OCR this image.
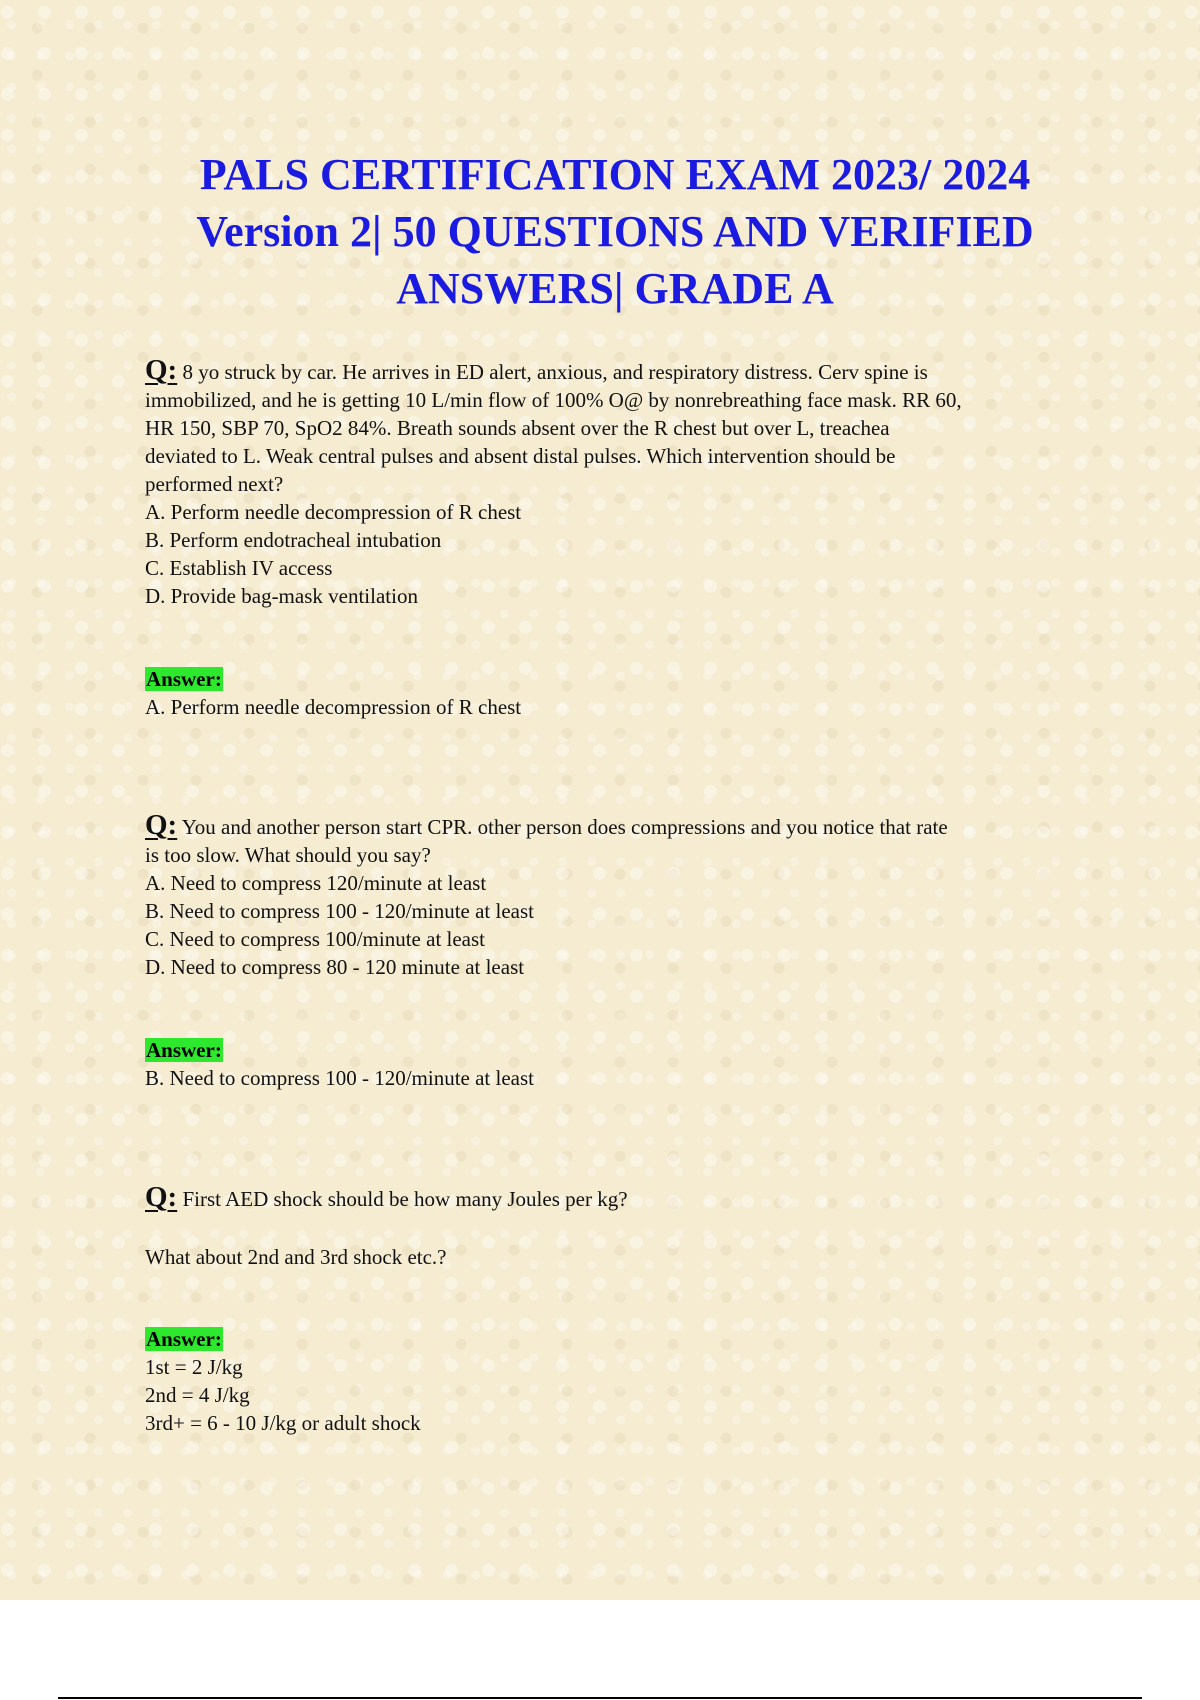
PALS CERTIFICATION EXAM 2023/ 2024
Version 2| 50 QUESTIONS AND VERIFIED
ANSWERS| GRADE A
Q: 8 yo struck by car. He arrives in ED alert, anxious, and respiratory distress. Cerv spine is
immobilized, and he is getting 10 L/min flow of 100% O@ by nonrebreathing face mask. RR 60,
HR 150, SBP 70, SpO2 84%. Breath sounds absent over the R chest but over L, treachea
deviated to L. Weak central pulses and absent distal pulses. Which intervention should be
performed next?
A. Perform needle decompression of R chest
B. Perform endotracheal intubation
C. Establish IV access
D. Provide bag-mask ventilation
Answer:
A. Perform needle decompression of R chest
Q: You and another person start CPR. other person does compressions and you notice that rate
is too slow. What should you say?
A. Need to compress 120/minute at least
B. Need to compress 100 - 120/minute at least
C. Need to compress 100/minute at least
D. Need to compress 80 - 120 minute at least
Answer:
B. Need to compress 100 - 120/minute at least
Q: First AED shock should be how many Joules per kg?
What about 2nd and 3rd shock etc.?
Answer:
1st = 2 J/kg
2nd = 4 J/kg
3rd+ = 6 - 10 J/kg or adult shock
